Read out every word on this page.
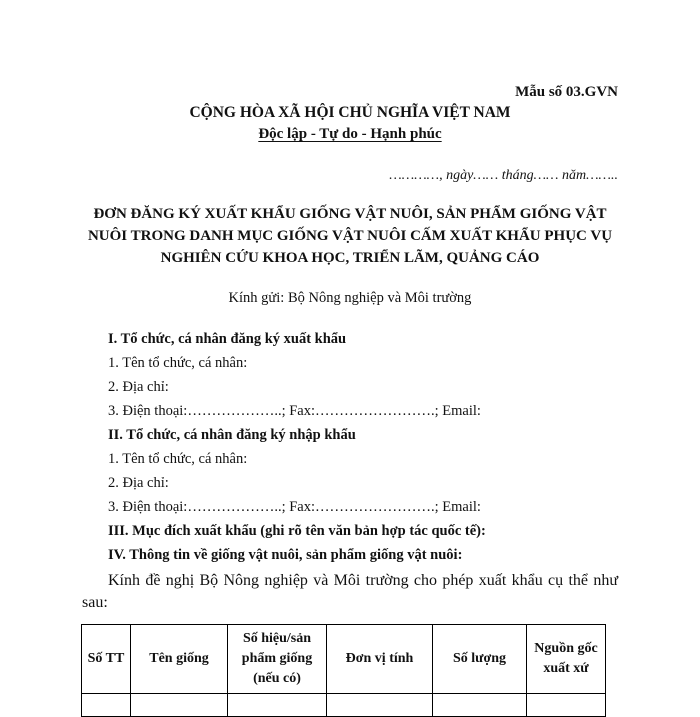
Mẫu số 03.GVN
CỘNG HÒA XÃ HỘI CHỦ NGHĨA VIỆT NAM
Độc lập - Tự do - Hạnh phúc
…………, ngày…… tháng…… năm……..
ĐƠN ĐĂNG KÝ XUẤT KHẨU GIỐNG VẬT NUÔI, SẢN PHẨM GIỐNG VẬT
NUÔI TRONG DANH MỤC GIỐNG VẬT NUÔI CẤM XUẤT KHẨU PHỤC VỤ
NGHIÊN CỨU KHOA HỌC, TRIỂN LÃM, QUẢNG CÁO
Kính gửi: Bộ Nông nghiệp và Môi trường
I. Tổ chức, cá nhân đăng ký xuất khẩu
1. Tên tổ chức, cá nhân:
2. Địa chỉ:
3. Điện thoại:………………..; Fax:…………………….; Email:
II. Tổ chức, cá nhân đăng ký nhập khẩu
1. Tên tổ chức, cá nhân:
2. Địa chỉ:
3. Điện thoại:………………..; Fax:…………………….; Email:
III. Mục đích xuất khẩu (ghi rõ tên văn bản hợp tác quốc tế):
IV. Thông tin về giống vật nuôi, sản phẩm giống vật nuôi:
Kính đề nghị Bộ Nông nghiệp và Môi trường cho phép xuất khẩu cụ thể như sau:
Số TT	Tên giống	Số hiệu/sản phẩm giống (nếu có)	Đơn vị tính	Số lượng	Nguồn gốc xuất xứ
